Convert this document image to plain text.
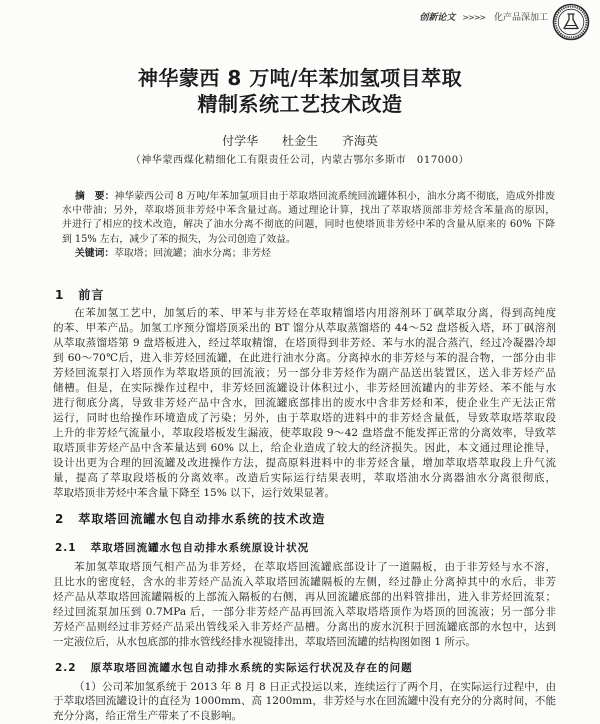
创新论文 >>>> 化产品深加工
神华蒙西 8 万吨/年苯加氢项目萃取
精制系统工艺技术改造
付学华 杜金生 齐海英
（神华蒙西煤化精细化工有限责任公司，内蒙古鄂尔多斯市　017000）
摘　要：神华蒙西公司 8 万吨/年苯加氢项目由于萃取塔回流系统回流罐体积小，油水分离不彻底，造成外排废
水中带油；另外，萃取塔顶非芳烃中苯含量过高。通过理论计算，找出了萃取塔顶部非芳烃含苯量高的原因，
并进行了相应的技术改造，解决了油水分离不彻底的问题，同时也使塔顶非芳烃中苯的含量从原来的 60% 下降
到 15% 左右，减少了苯的损失，为公司创造了效益。
关键词：萃取塔；回流罐；油水分离；非芳烃
1 前言
在苯加氢工艺中，加氢后的苯、甲苯与非芳烃在萃取精馏塔内用溶剂环丁砜萃取分离，得到高纯度
的苯、甲苯产品。加氢工序预分馏塔顶采出的 BT 馏分从萃取蒸馏塔的 44～52 盘塔板入塔，环丁砜溶剂
从萃取蒸馏塔第 9 盘塔板进入，经过萃取精馏，在塔顶得到非芳烃、苯与水的混合蒸汽，经过冷凝器冷却
到 60～70℃后，进入非芳烃回流罐，在此进行油水分离。分离掉水的非芳烃与苯的混合物，一部分由非
芳烃回流泵打入塔顶作为萃取塔顶的回流液；另一部分非芳烃作为副产品送出装置区，送入非芳烃产品
储槽。但是，在实际操作过程中，非芳烃回流罐设计体积过小，非芳烃回流罐内的非芳烃、苯不能与水
进行彻底分离，导致非芳烃产品中含水，回流罐底部排出的废水中含非芳烃和苯，使企业生产无法正常
运行，同时也给操作环境造成了污染；另外，由于萃取塔的进料中的非芳烃含量低，导致萃取塔萃取段
上升的非芳烃气流量小，萃取段塔板发生漏液，使萃取段 9～42 盘塔盘不能发挥正常的分离效率，导致萃
取塔顶非芳烃产品中含苯量达到 60% 以上，给企业造成了较大的经济损失。因此，本文通过理论推导，
设计出更为合理的回流罐及改进操作方法，提高原料进料中的非芳烃含量，增加萃取塔萃取段上升气流
量，提高了萃取段塔板的分离效率。改造后实际运行结果表明，萃取塔油水分离器油水分离很彻底，
萃取塔顶非芳烃中苯含量下降至 15% 以下，运行效果显著。
2 萃取塔回流罐水包自动排水系统的技术改造
2.1 萃取塔回流罐水包自动排水系统原设计状况
苯加氢萃取塔顶气相产品为非芳烃，在萃取塔回流罐底部设计了一道隔板，由于非芳烃与水不溶，
且比水的密度轻，含水的非芳烃产品流入萃取塔回流罐隔板的左侧，经过静止分离掉其中的水后，非芳
烃产品从萃取塔回流罐隔板的上部流入隔板的右侧，再从回流罐底部的出料管排出，进入非芳烃回流泵；
经过回流泵加压到 0.7MPa 后，一部分非芳烃产品再回流入萃取塔塔顶作为塔顶的回流液；另一部分非
芳烃产品则经过非芳烃产品采出管线采入非芳烃产品槽。分离出的废水沉积于回流罐底部的水包中，达到
一定液位后，从水包底部的排水管线经排水视镜排出，萃取塔回流罐的结构图如图 1 所示。
2.2 原萃取塔回流罐水包自动排水系统的实际运行状况及存在的问题
（1）公司苯加氢系统于 2013 年 8 月 8 日正式投运以来，连续运行了两个月，在实际运行过程中，由
于萃取塔回流罐设计的直径为 1000mm、高 1200mm，非芳烃与水在回流罐中没有充分的分离时间，不能
充分分离，给正常生产带来了不良影响。
